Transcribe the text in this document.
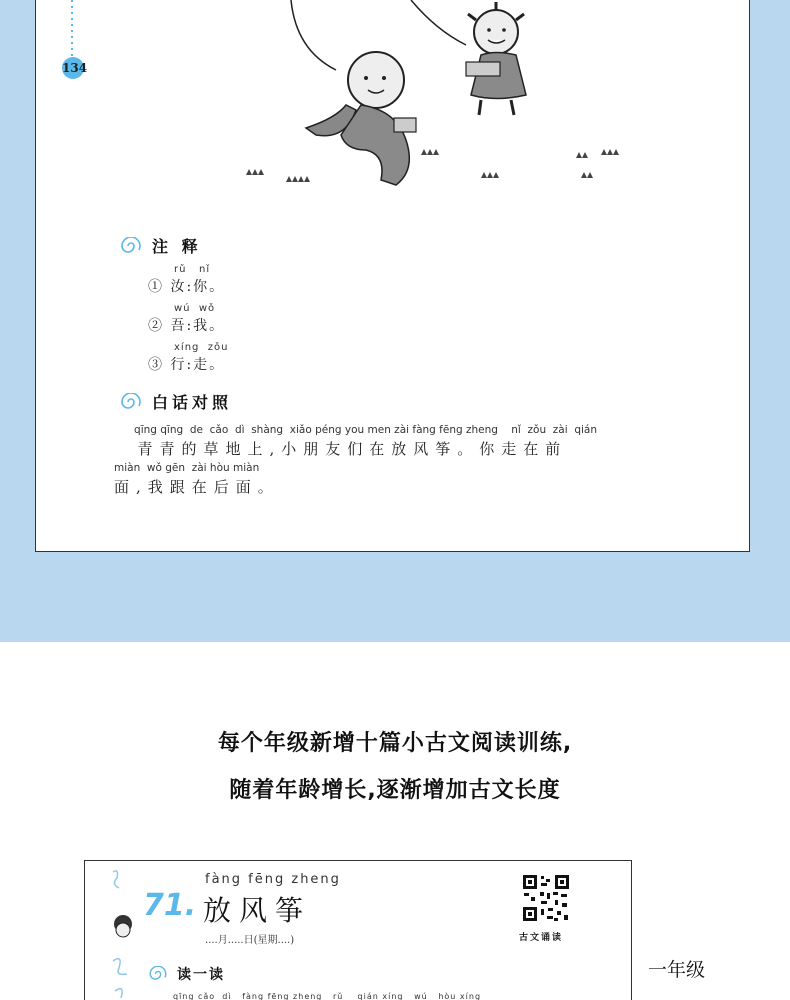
134
注 释
rǔ   nǐ
① 汝:你。
wú  wǒ
② 吾:我。
xíng  zǒu
③ 行:走。
白话对照
qīng qīng  de  cǎo  dì  shàng  xiǎo péng you men zài fàng fēng zheng    nǐ  zǒu  zài  qián
青青的草地上,小朋友们在放风筝。你走在前
miàn  wǒ gēn  zài hòu miàn
面,我跟在后面。
每个年级新增十篇小古文阅读训练,
随着年龄增长,逐渐增加古文长度
71.
fàng fēng zheng
放风筝
....月.....日(星期....)	古文诵读
读一读
qīng cǎo  dì   fàng fēng zheng   rǔ    qián xíng   wú   hòu xíng
一年级
